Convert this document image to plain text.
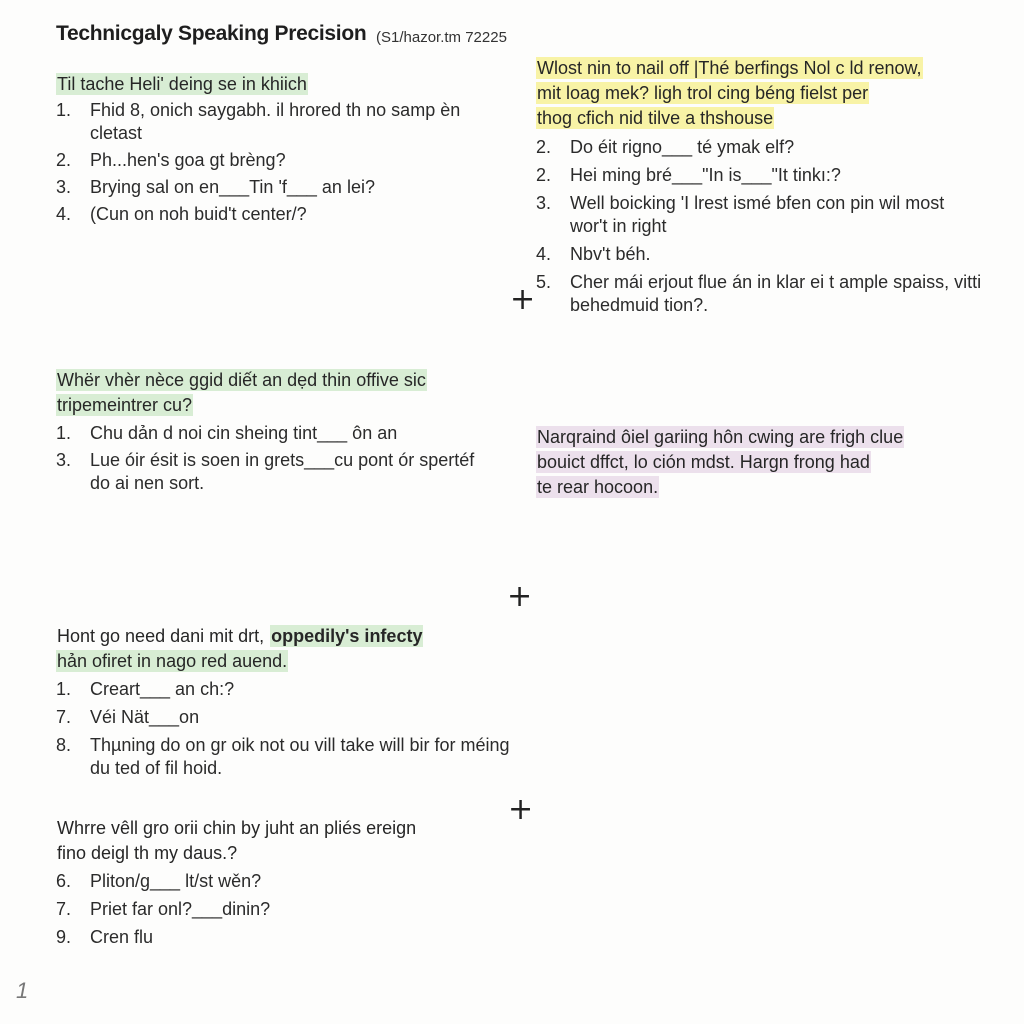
Technicgaly Speaking Precision (S1/hazor.tm 72225
Til tache Heli' deing se in khiich
1. Fhid 8, onich saygabh. il hrored th no samp èn cletast
2. Ph...hen's goa gt brèng?
3. Brying sal on en___Tin 'f___ an lei?
4. (Cun on noh buid't center/?
Wlost nin to nail off |Thé berfings Nol c ld renow,
mit loag mek? ligh trol cing béng fielst per
thog cfich nid tilve a thshouse
2. Do éit rigno___ té ymak elf?
2. Hei ming bré___"In is___"It tinkı:?
3. Well boicking 'I lrest ismé bfen con pin wil most wor't in right
4. Nbv't béh.
5. Cher mái erjout flue án in klar ei t ample spaiss, vitti behedmuid tion?.
+
+
+
Whër vhèr nèce ggid diết an dẹd thin offive sic
tripemeintrer cu?
1. Chu dản d noi cin sheing tint___ ôn an
3. Lue óir ésit is soen in grets___cu pont ór spertéf do ai nen sort.
Narqraind ôiel gariing hôn cwing are frigh clue
bouict dffct, lo ción mdst. Hargn frong had
te rear hocoon.
Hont go need dani mit drt, oppedily's infecty
hản ofiret in nago red auend.
1. Creart___ an ch:?
7. Véi Nät___on
8. Thµning do on gr oik not ou vill take will bir for méing du ted of fil hoid.
Whrre vêll gro orii chin by juht an pliés ereign
fino deigl th my daus.?
6. Pliton/g___ lt/st wěn?
7. Priet far onl?___dinin?
9. Cren flu
1
